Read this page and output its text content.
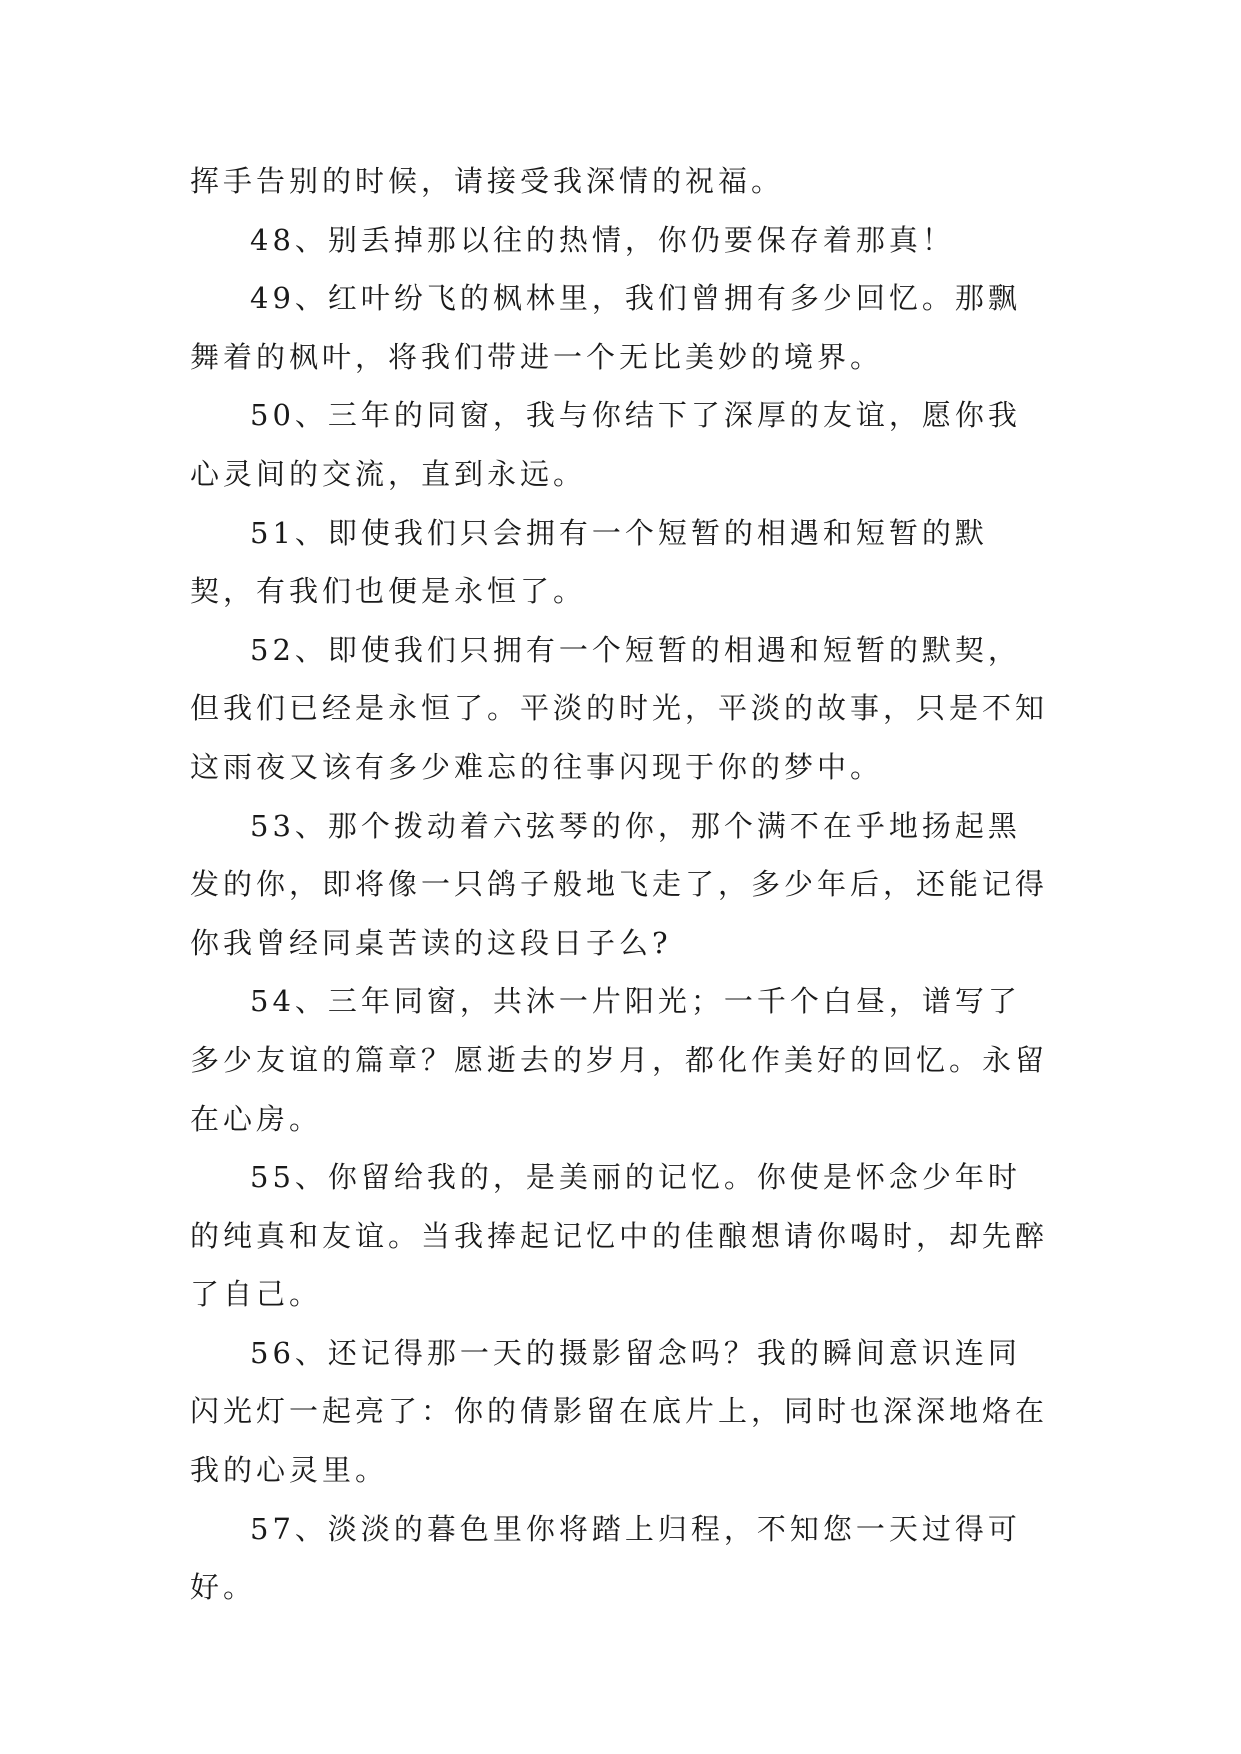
挥手告别的时候，请接受我深情的祝福。

48、别丢掉那以往的热情，你仍要保存着那真！

49、红叶纷飞的枫林里，我们曾拥有多少回忆。那飘舞着的枫叶，将我们带进一个无比美妙的境界。

50、三年的同窗，我与你结下了深厚的友谊，愿你我心灵间的交流，直到永远。

51、即使我们只会拥有一个短暂的相遇和短暂的默契，有我们也便是永恒了。

52、即使我们只拥有一个短暂的相遇和短暂的默契，但我们已经是永恒了。平淡的时光，平淡的故事，只是不知这雨夜又该有多少难忘的往事闪现于你的梦中。

53、那个拨动着六弦琴的你，那个满不在乎地扬起黑发的你，即将像一只鸽子般地飞走了，多少年后，还能记得你我曾经同桌苦读的这段日子么?

54、三年同窗，共沐一片阳光；一千个白昼，谱写了多少友谊的篇章？愿逝去的岁月，都化作美好的回忆。永留在心房。

55、你留给我的，是美丽的记忆。你使是怀念少年时的纯真和友谊。当我捧起记忆中的佳酿想请你喝时，却先醉了自己。

56、还记得那一天的摄影留念吗？我的瞬间意识连同闪光灯一起亮了：你的倩影留在底片上，同时也深深地烙在我的心灵里。

57、淡淡的暮色里你将踏上归程，不知您一天过得可好。
